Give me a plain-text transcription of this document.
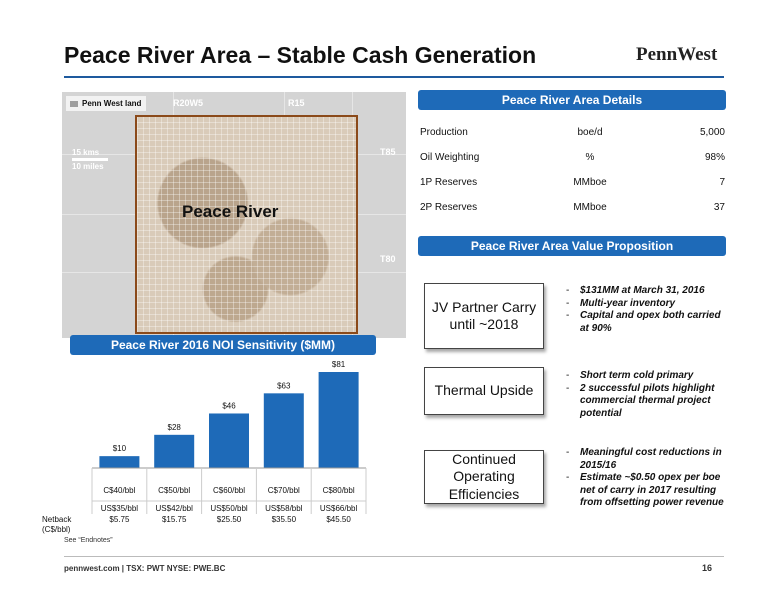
Peace River Area – Stable Cash Generation	PennWest
Penn West land	R20W5	R15
T85
T80
15 kms
10 miles
Peace River
Peace River Area Details
Production	boe/d	5,000
Oil Weighting	%	98%
1P Reserves	MMboe	7
2P Reserves	MMboe	37
Peace River Area Value Proposition
JV Partner Carry until ~2018
-	$131MM at March 31, 2016
-	Multi-year inventory
-	Capital and opex both carried at 90%
Thermal Upside
-	Short term cold primary
-	2 successful pilots highlight commercial thermal project potential
Continued Operating Efficiencies
-	Meaningful cost reductions in 2015/16
-	Estimate ~$0.50 opex per boe net of carry in 2017 resulting from offsetting power revenue
Peace River 2016 NOI Sensitivity ($MM)
$10
C$40/bbl
US$35/bbl
$5.75
$28
C$50/bbl
US$42/bbl
$15.75
$46
C$60/bbl
US$50/bbl
$25.50
$63
C$70/bbl
US$58/bbl
$35.50
$81
C$80/bbl
US$66/bbl
$45.50
Netback
(C$/bbl)
See “Endnotes”
pennwest.com | TSX: PWT NYSE: PWE.BC	16
